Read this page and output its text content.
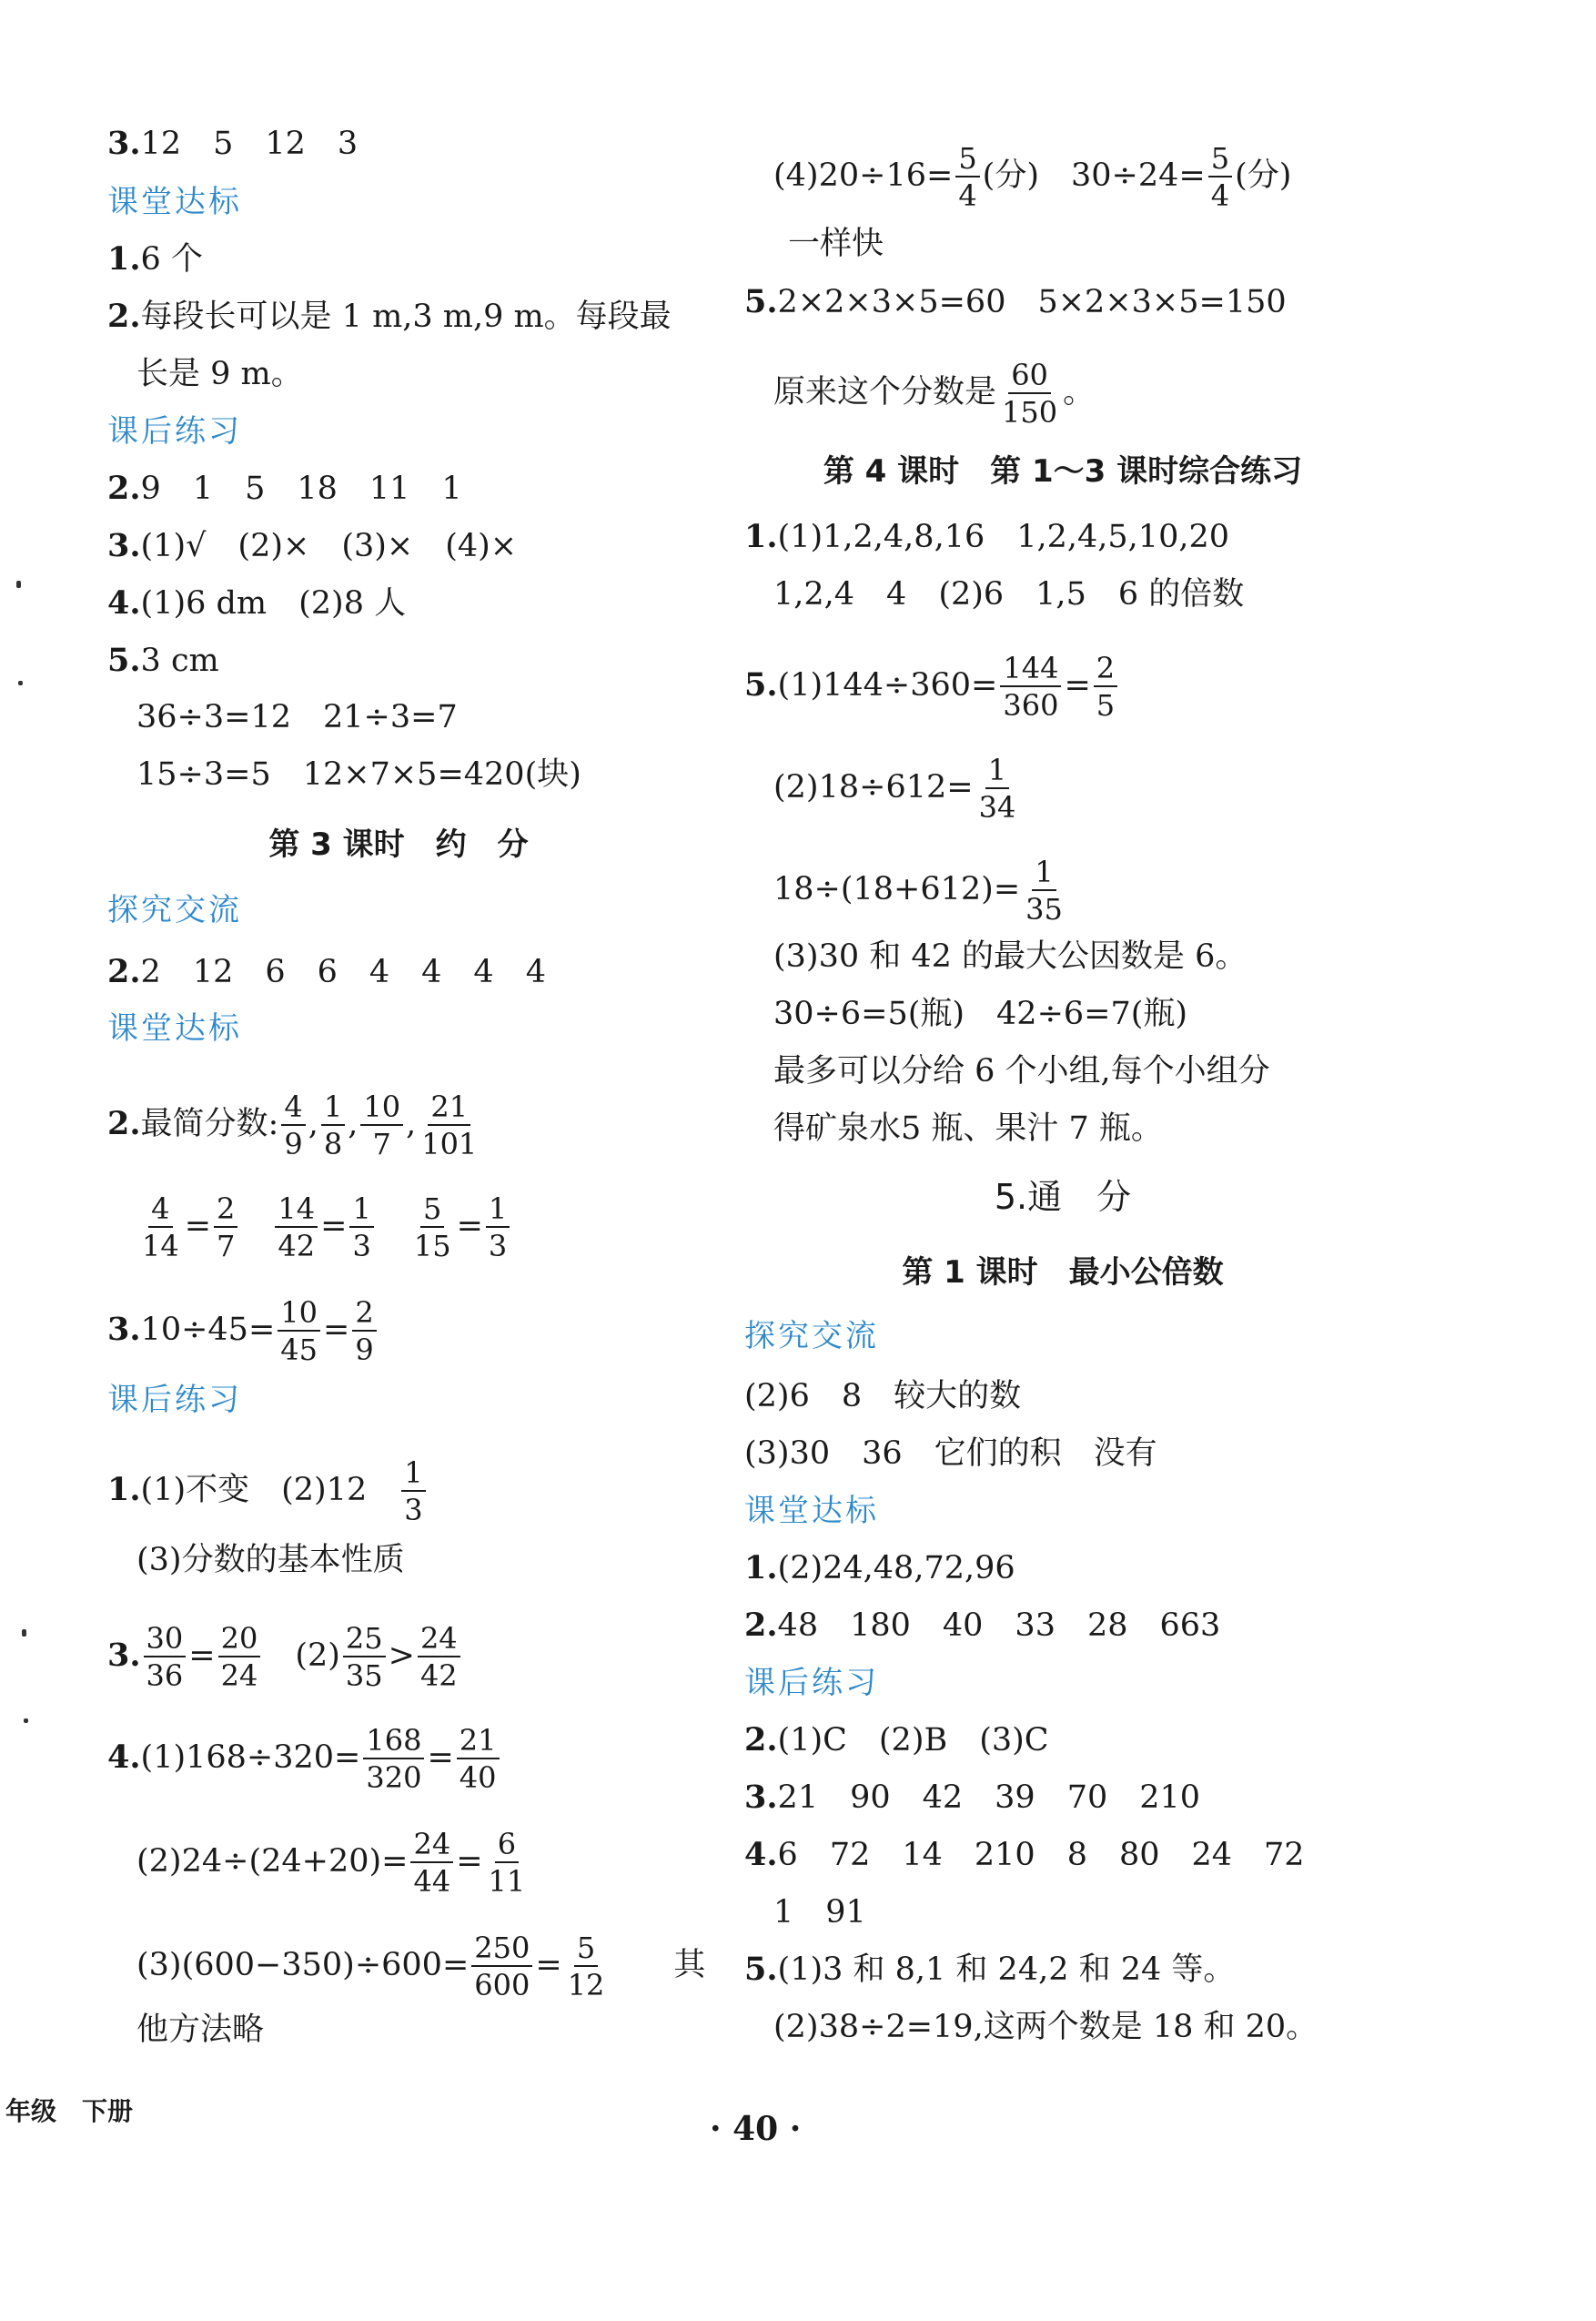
3.12　5　12　3
课堂达标
1.6 个
2.每段长可以是 1 m,3 m,9 m。每段最
长是 9 m。
课后练习
2.9　1　5　18　11　1
3.(1)√　(2)×　(3)×　(4)×
4.(1)6 dm　(2)8 人
5.3 cm
36÷3=12　21÷3=7
15÷3=5　12×7×5=420(块)
第 3 课时　约　分
探究交流
2.2　12　6　6　4　4　4　4
课堂达标
2.最简分数: $\frac{4}{9}$ , $\frac{1}{8}$ , $\frac{10}{7}$ , $\frac{21}{101}$
$\frac{4}{14} = \frac{2}{7}$
　 $\frac{14}{42} = \frac{1}{3}$
　 $\frac{5}{15} = \frac{1}{3}$
$3.10\div 45= \frac{10}{45} = \frac{2}{9}$
课后练习
1.(1)不变　(2)12　 $\frac{1}{3}$
(3)分数的基本性质
3. $\frac{30}{36} = \frac{20}{24}$ 　$(2) \frac{25}{35} > \frac{24}{42}$
$4.(1)168\div 320= \frac{168}{320} = \frac{21}{40}$
$(2)24\div(24+20)= \frac{24}{44} = \frac{6}{11}$
$(3)(600-350)\div 600= \frac{250}{600} = \frac{5}{12}$ 　　其
他方法略
$(4)20\div 16= \frac{5}{4}$ (分)　$30\div 24= \frac{5}{4}$ (分)
一样快
5.2×2×3×5=60　5×2×3×5=150
原来这个分数是 $\frac{60}{150}$ 。
第 4 课时　第 1～3 课时综合练习
1.(1)1,2,4,8,16　1,2,4,5,10,20
1,2,4　4　(2)6　1,5　6 的倍数
$5.(1)144\div 360= \frac{144}{360} = \frac{2}{5}$
$(2)18\div 612= \frac{1}{34}$
$18\div(18+612)= \frac{1}{35}$
(3)30 和 42 的最大公因数是 6。
30÷6=5(瓶)　42÷6=7(瓶)
最多可以分给 6 个小组,每个小组分
得矿泉水5 瓶、果汁 7 瓶。
5.通　分
第 1 课时　最小公倍数
探究交流
(2)6　8　较大的数
(3)30　36　它们的积　没有
课堂达标
1.(2)24,48,72,96
2.48　180　40　33　28　663
课后练习
2.(1)C　(2)B　(3)C
3.21　90　42　39　70　210
4.6　72　14　210　8　80　24　72
1　91
5.(1)3 和 8,1 和 24,2 和 24 等。
(2)38÷2=19,这两个数是 18 和 20。
年级　下册	· 40 ·
